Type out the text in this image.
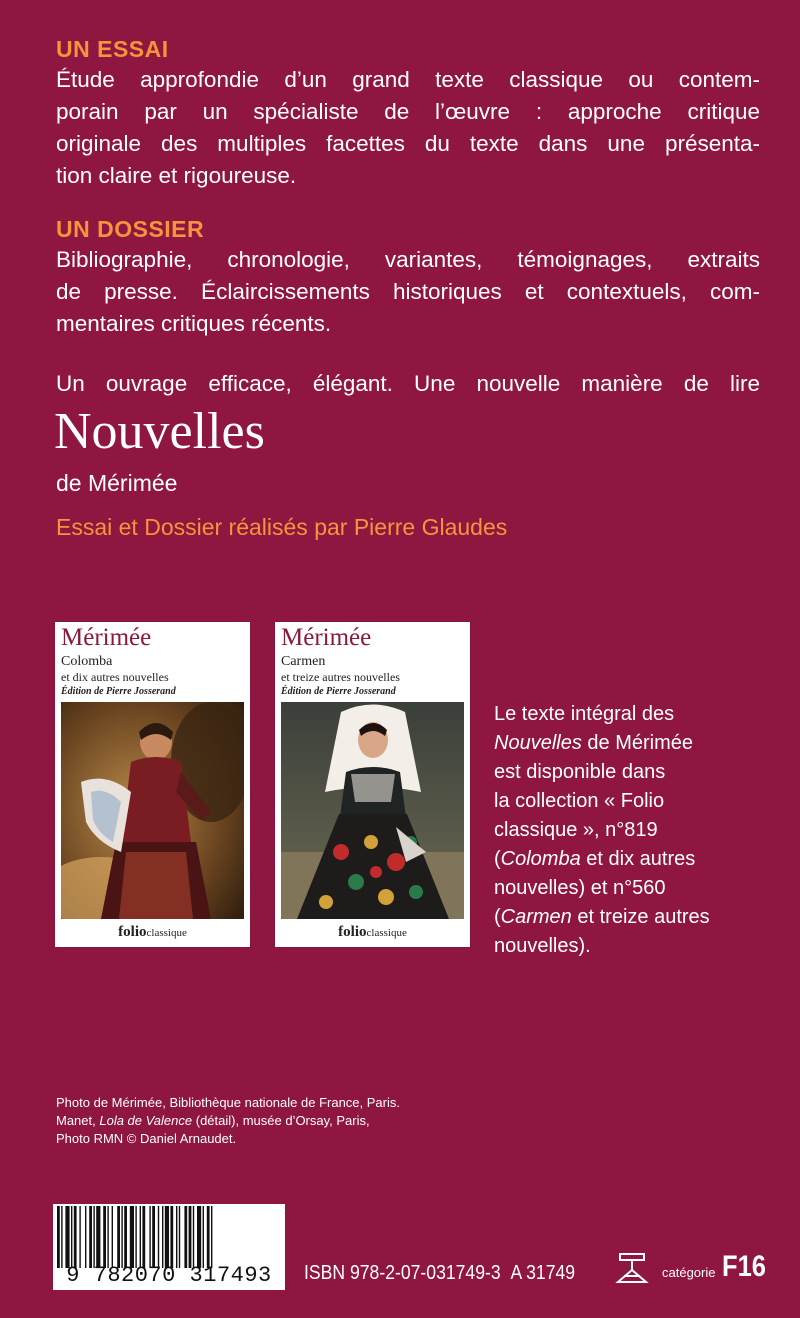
UN ESSAI
Étude approfondie d’un grand texte classique ou contem-
porain par un spécialiste de l’œuvre : approche critique
originale des multiples facettes du texte dans une présenta-
tion claire et rigoureuse.
UN DOSSIER
Bibliographie, chronologie, variantes, témoignages, extraits
de presse. Éclaircissements historiques et contextuels, com-
mentaires critiques récents.
Un ouvrage efficace, élégant. Une nouvelle manière de lire
Nouvelles
de Mérimée
Essai et Dossier réalisés par Pierre Glaudes
Mérimée
Colomba
et dix autres nouvelles
Édition de Pierre Josserand
folioclassique
Mérimée
Carmen
et treize autres nouvelles
Édition de Pierre Josserand
folioclassique
Le texte intégral des
Nouvelles de Mérimée
est disponible dans
la collection « Folio
classique », n°819
(Colomba et dix autres
nouvelles) et n°560
(Carmen et treize autres
nouvelles).
Photo de Mérimée, Bibliothèque nationale de France, Paris.
Manet, Lola de Valence (détail), musée d’Orsay, Paris,
Photo RMN © Daniel Arnaudet.
9 782070 317493	ISBN 978-2-07-031749-3 A 31749	catégorie F16
